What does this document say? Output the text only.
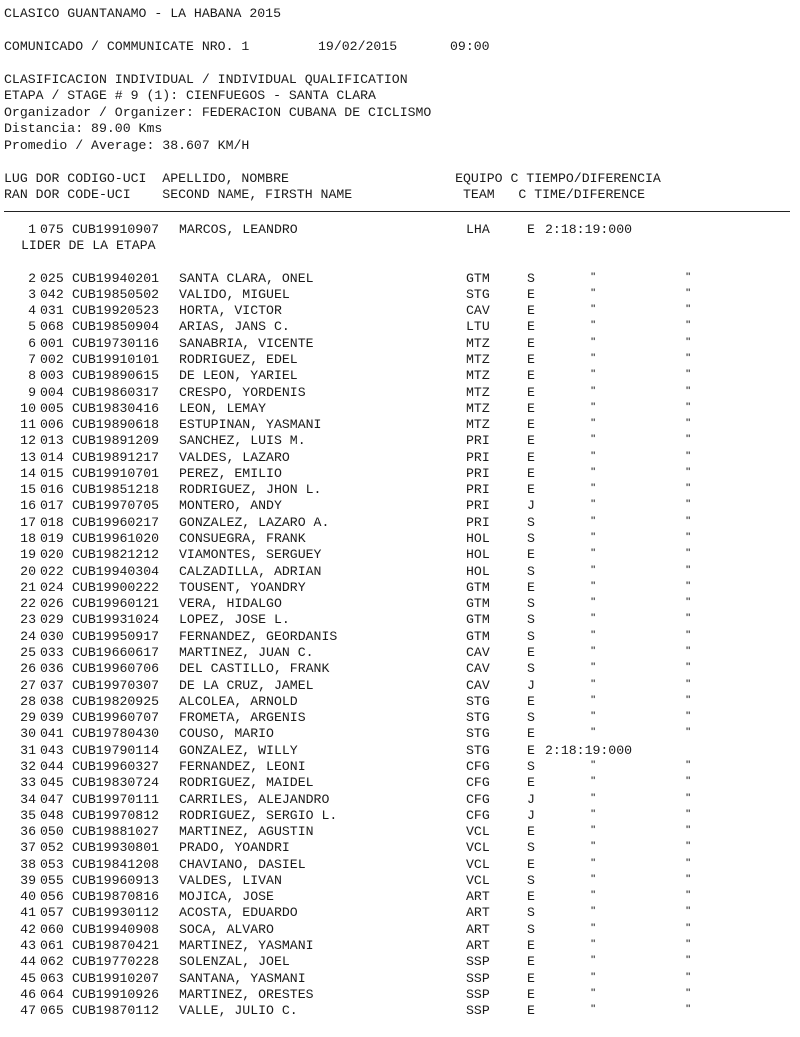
CLASICO GUANTANAMO - LA HABANA 2015
COMUNICADO / COMMUNICATE NRO. 1	19/02/2015	09:00
CLASIFICACION INDIVIDUAL / INDIVIDUAL QUALIFICATION
ETAPA / STAGE # 9 (1): CIENFUEGOS - SANTA CLARA
Organizador / Organizer: FEDERACION CUBANA DE CICLISMO
Distancia: 89.00 Kms
Promedio / Average: 38.607 KM/H
LUG DOR CODIGO-UCI  APELLIDO, NOMBRE                     EQUIPO C TIEMPO/DIFERENCIA
RAN DOR CODE-UCI    SECOND NAME, FIRSTH NAME              TEAM   C TIME/DIFERENCE
1 075 CUB19910907	MARCOS, LEANDRO	LHA	E 2:18:19:000
LIDER DE LA ETAPA
2 025 CUB19940201	SANTA CLARA, ONEL	GTM	S	"	"
3 042 CUB19850502	VALIDO, MIGUEL	STG	E	"	"
4 031 CUB19920523	HORTA, VICTOR	CAV	E	"	"
5 068 CUB19850904	ARIAS, JANS C.	LTU	E	"	"
6 001 CUB19730116	SANABRIA, VICENTE	MTZ	E	"	"
7 002 CUB19910101	RODRIGUEZ, EDEL	MTZ	E	"	"
8 003 CUB19890615	DE LEON, YARIEL	MTZ	E	"	"
9 004 CUB19860317	CRESPO, YORDENIS	MTZ	E	"	"
10 005 CUB19830416	LEON, LEMAY	MTZ	E	"	"
11 006 CUB19890618	ESTUPINAN, YASMANI	MTZ	E	"	"
12 013 CUB19891209	SANCHEZ, LUIS M.	PRI	E	"	"
13 014 CUB19891217	VALDES, LAZARO	PRI	E	"	"
14 015 CUB19910701	PEREZ, EMILIO	PRI	E	"	"
15 016 CUB19851218	RODRIGUEZ, JHON L.	PRI	E	"	"
16 017 CUB19970705	MONTERO, ANDY	PRI	J	"	"
17 018 CUB19960217	GONZALEZ, LAZARO A.	PRI	S	"	"
18 019 CUB19961020	CONSUEGRA, FRANK	HOL	S	"	"
19 020 CUB19821212	VIAMONTES, SERGUEY	HOL	E	"	"
20 022 CUB19940304	CALZADILLA, ADRIAN	HOL	S	"	"
21 024 CUB19900222	TOUSENT, YOANDRY	GTM	E	"	"
22 026 CUB19960121	VERA, HIDALGO	GTM	S	"	"
23 029 CUB19931024	LOPEZ, JOSE L.	GTM	S	"	"
24 030 CUB19950917	FERNANDEZ, GEORDANIS	GTM	S	"	"
25 033 CUB19660617	MARTINEZ, JUAN C.	CAV	E	"	"
26 036 CUB19960706	DEL CASTILLO, FRANK	CAV	S	"	"
27 037 CUB19970307	DE LA CRUZ, JAMEL	CAV	J	"	"
28 038 CUB19820925	ALCOLEA, ARNOLD	STG	E	"	"
29 039 CUB19960707	FROMETA, ARGENIS	STG	S	"	"
30 041 CUB19780430	COUSO, MARIO	STG	E	"	"
31 043 CUB19790114	GONZALEZ, WILLY	STG	E 2:18:19:000
32 044 CUB19960327	FERNANDEZ, LEONI	CFG	S	"	"
33 045 CUB19830724	RODRIGUEZ, MAIDEL	CFG	E	"	"
34 047 CUB19970111	CARRILES, ALEJANDRO	CFG	J	"	"
35 048 CUB19970812	RODRIGUEZ, SERGIO L.	CFG	J	"	"
36 050 CUB19881027	MARTINEZ, AGUSTIN	VCL	E	"	"
37 052 CUB19930801	PRADO, YOANDRI	VCL	S	"	"
38 053 CUB19841208	CHAVIANO, DASIEL	VCL	E	"	"
39 055 CUB19960913	VALDES, LIVAN	VCL	S	"	"
40 056 CUB19870816	MOJICA, JOSE	ART	E	"	"
41 057 CUB19930112	ACOSTA, EDUARDO	ART	S	"	"
42 060 CUB19940908	SOCA, ALVARO	ART	S	"	"
43 061 CUB19870421	MARTINEZ, YASMANI	ART	E	"	"
44 062 CUB19770228	SOLENZAL, JOEL	SSP	E	"	"
45 063 CUB19910207	SANTANA, YASMANI	SSP	E	"	"
46 064 CUB19910926	MARTINEZ, ORESTES	SSP	E	"	"
47 065 CUB19870112	VALLE, JULIO C.	SSP	E	"	"
